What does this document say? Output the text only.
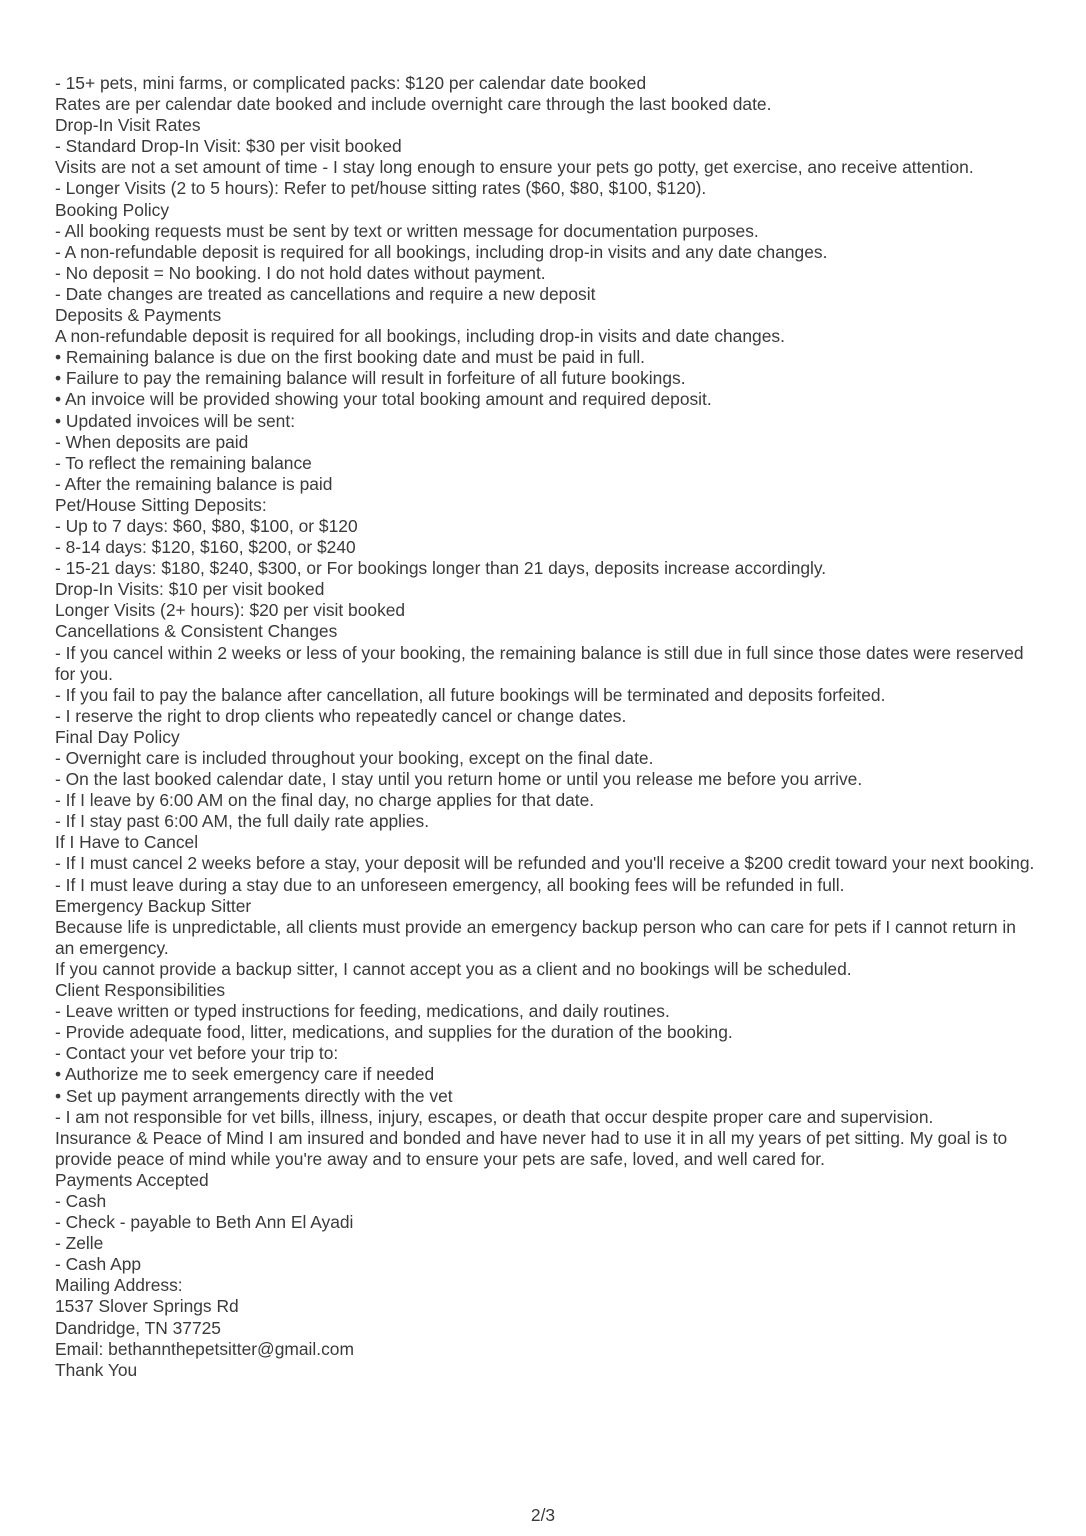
- 15+ pets, mini farms, or complicated packs: $120 per calendar date booked

Rates are per calendar date booked and include overnight care through the last booked date.

Drop-In Visit Rates

- Standard Drop-In Visit: $30 per visit booked

Visits are not a set amount of time - I stay long enough to ensure your pets go potty, get exercise, ano receive attention.

- Longer Visits (2 to 5 hours): Refer to pet/house sitting rates ($60, $80, $100, $120).

Booking Policy

- All booking requests must be sent by text or written message for documentation purposes.

- A non-refundable deposit is required for all bookings, including drop-in visits and any date changes.

- No deposit = No booking. I do not hold dates without payment.

- Date changes are treated as cancellations and require a new deposit

Deposits & Payments

A non-refundable deposit is required for all bookings, including drop-in visits and date changes.

• Remaining balance is due on the first booking date and must be paid in full.

• Failure to pay the remaining balance will result in forfeiture of all future bookings.

• An invoice will be provided showing your total booking amount and required deposit.

• Updated invoices will be sent:

- When deposits are paid

- To reflect the remaining balance

- After the remaining balance is paid

Pet/House Sitting Deposits:

- Up to 7 days: $60, $80, $100, or $120

- 8-14 days: $120, $160, $200, or $240

- 15-21 days: $180, $240, $300, or For bookings longer than 21 days, deposits increase accordingly.

Drop-In Visits: $10 per visit booked

Longer Visits (2+ hours): $20 per visit booked

Cancellations & Consistent Changes

- If you cancel within 2 weeks or less of your booking, the remaining balance is still due in full since those dates were reserved for you.

- If you fail to pay the balance after cancellation, all future bookings will be terminated and deposits forfeited.

- I reserve the right to drop clients who repeatedly cancel or change dates.

Final Day Policy

- Overnight care is included throughout your booking, except on the final date.

- On the last booked calendar date, I stay until you return home or until you release me before you arrive.

- If I leave by 6:00 AM on the final day, no charge applies for that date.

- If I stay past 6:00 AM, the full daily rate applies.

If I Have to Cancel

- If I must cancel 2 weeks before a stay, your deposit will be refunded and you'll receive a $200 credit toward your next booking.

- If I must leave during a stay due to an unforeseen emergency, all booking fees will be refunded in full.

Emergency Backup Sitter

Because life is unpredictable, all clients must provide an emergency backup person who can care for pets if I cannot return in an emergency.

If you cannot provide a backup sitter, I cannot accept you as a client and no bookings will be scheduled.

Client Responsibilities

- Leave written or typed instructions for feeding, medications, and daily routines.

- Provide adequate food, litter, medications, and supplies for the duration of the booking.

- Contact your vet before your trip to:

• Authorize me to seek emergency care if needed

• Set up payment arrangements directly with the vet

- I am not responsible for vet bills, illness, injury, escapes, or death that occur despite proper care and supervision.

Insurance & Peace of Mind I am insured and bonded and have never had to use it in all my years of pet sitting. My goal is to provide peace of mind while you're away and to ensure your pets are safe, loved, and well cared for.

Payments Accepted

- Cash

- Check - payable to Beth Ann El Ayadi

- Zelle

- Cash App

Mailing Address:

1537 Slover Springs Rd

Dandridge, TN 37725

Email: bethannthepetsitter@gmail.com

Thank You

2/3
